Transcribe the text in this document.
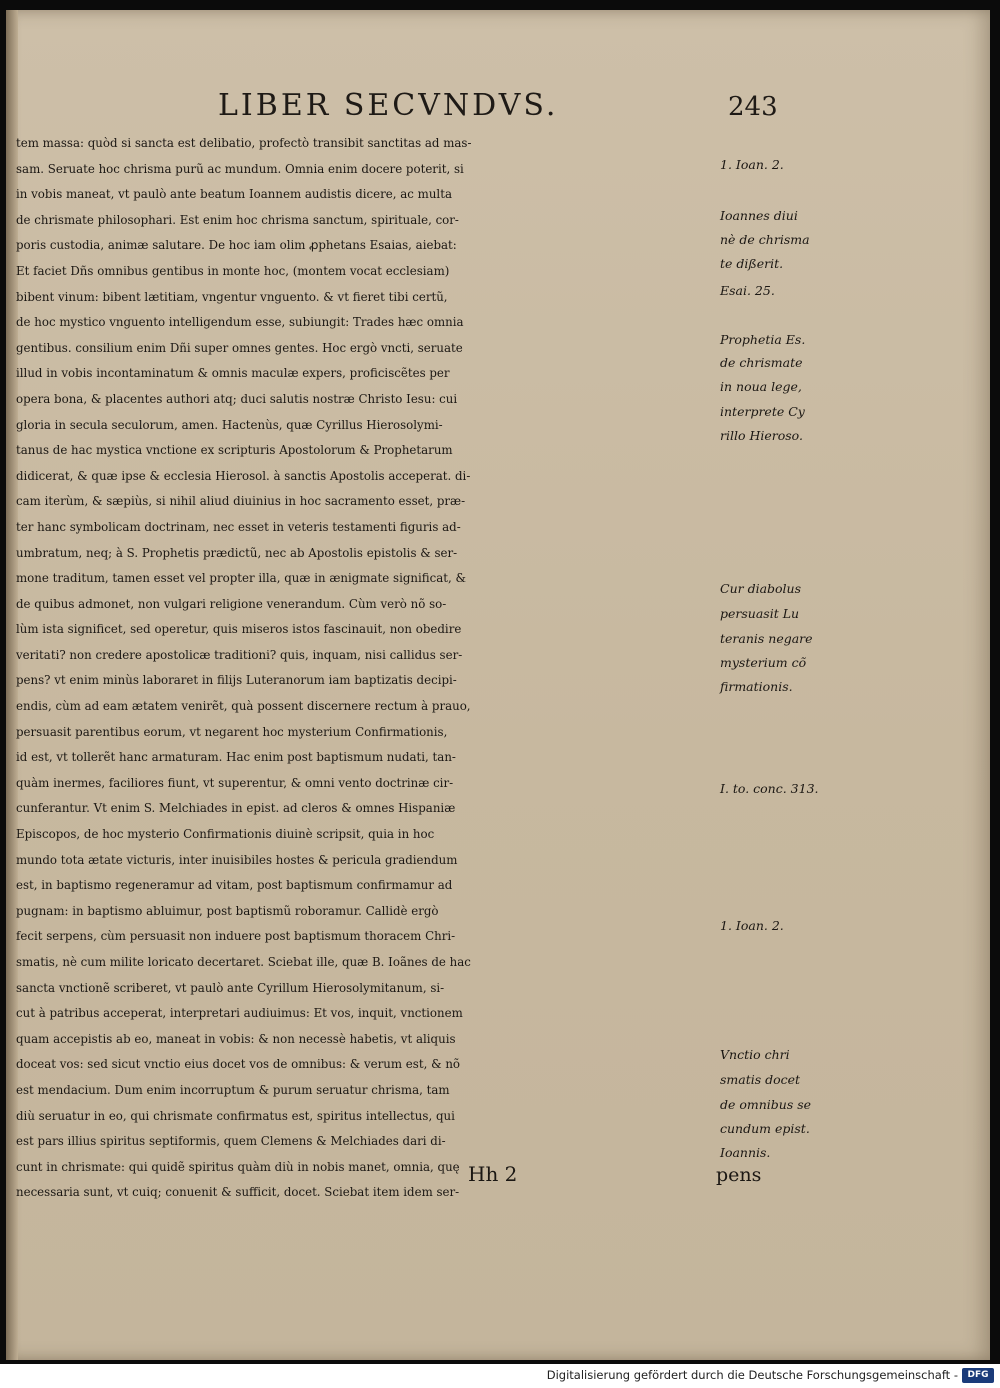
LIBER SECVNDVS.	243
tem massa: quòd si sancta est delibatio, profectò transibit sanctitas ad mas-
sam. Seruate hoc chrisma purũ ac mundum. Omnia enim docere poterit, si
in vobis maneat, vt paulò ante beatum Ioannem audistis dicere, ac multa
de chrismate philosophari. Est enim hoc chrisma sanctum, spirituale, cor-
poris custodia, animæ salutare. De hoc iam olim ꝓphetans Esaias, aiebat:
Et faciet Dñs omnibus gentibus in monte hoc, (montem vocat ecclesiam)
bibent vinum: bibent lætitiam, vngentur vnguento. & vt fieret tibi certũ,
de hoc mystico vnguento intelligendum esse, subiungit: Trades hæc omnia
gentibus. consilium enim Dñi super omnes gentes. Hoc ergò vncti, seruate
illud in vobis incontaminatum & omnis maculæ expers, proficiscẽtes per
opera bona, & placentes authori atq; duci salutis nostræ Christo Iesu: cui
gloria in secula seculorum, amen. Hactenùs, quæ Cyrillus Hierosolymi-
tanus de hac mystica vnctione ex scripturis Apostolorum & Prophetarum
didicerat, & quæ ipse & ecclesia Hierosol. à sanctis Apostolis acceperat. di-
cam iterùm, & sæpiùs, si nihil aliud diuinius in hoc sacramento esset, præ-
ter hanc symbolicam doctrinam, nec esset in veteris testamenti figuris ad-
umbratum, neq; à S. Prophetis prædictũ, nec ab Apostolis epistolis & ser-
mone traditum, tamen esset vel propter illa, quæ in ænigmate significat, &
de quibus admonet, non vulgari religione venerandum. Cùm verò nõ so-
lùm ista significet, sed operetur, quis miseros istos fascinauit, non obedire
veritati? non credere apostolicæ traditioni? quis, inquam, nisi callidus ser-
pens? vt enim minùs laboraret in filijs Luteranorum iam baptizatis decipi-
endis, cùm ad eam ætatem venirẽt, quà possent discernere rectum à prauo,
persuasit parentibus eorum, vt negarent hoc mysterium Confirmationis,
id est, vt tollerẽt hanc armaturam. Hac enim post baptismum nudati, tan-
quàm inermes, faciliores fiunt, vt superentur, & omni vento doctrinæ cir-
cunferantur. Vt enim S. Melchiades in epist. ad cleros & omnes Hispaniæ
Episcopos, de hoc mysterio Confirmationis diuinè scripsit, quia in hoc
mundo tota ætate victuris, inter inuisibiles hostes & pericula gradiendum
est, in baptismo regeneramur ad vitam, post baptismum confirmamur ad
pugnam: in baptismo abluimur, post baptismũ roboramur. Callidè ergò
fecit serpens, cùm persuasit non induere post baptismum thoracem Chri-
smatis, nè cum milite loricato decertaret. Sciebat ille, quæ B. Ioãnes de hac
sancta vnctionẽ scriberet, vt paulò ante Cyrillum Hierosolymitanum, si-
cut à patribus acceperat, interpretari audiuimus: Et vos, inquit, vnctionem
quam accepistis ab eo, maneat in vobis: & non necessè habetis, vt aliquis
doceat vos: sed sicut vnctio eius docet vos de omnibus: & verum est, & nõ
est mendacium. Dum enim incorruptum & purum seruatur chrisma, tam
diù seruatur in eo, qui chrismate confirmatus est, spiritus intellectus, qui
est pars illius spiritus septiformis, quem Clemens & Melchiades dari di-
cunt in chrismate: qui quidẽ spiritus quàm diù in nobis manet, omnia, quę
necessaria sunt, vt cuiq; conuenit & sufficit, docet. Sciebat item idem ser-
1. Ioan. 2.
Ioannes diui
nè de chrisma
te dißerit.
Esai. 25.
Prophetia Es.
de chrismate
in noua lege,
interprete Cy
rillo Hieroso.
Cur diabolus
persuasit Lu
teranis negare
mysterium cõ
firmationis.
I. to. conc. 313.
1. Ioan. 2.
Vnctio chri
smatis docet
de omnibus se
cundum epist.
Ioannis.
Hh 2	pens
Digitalisierung gefördert durch die Deutsche Forschungsgemeinschaft -	DFG
